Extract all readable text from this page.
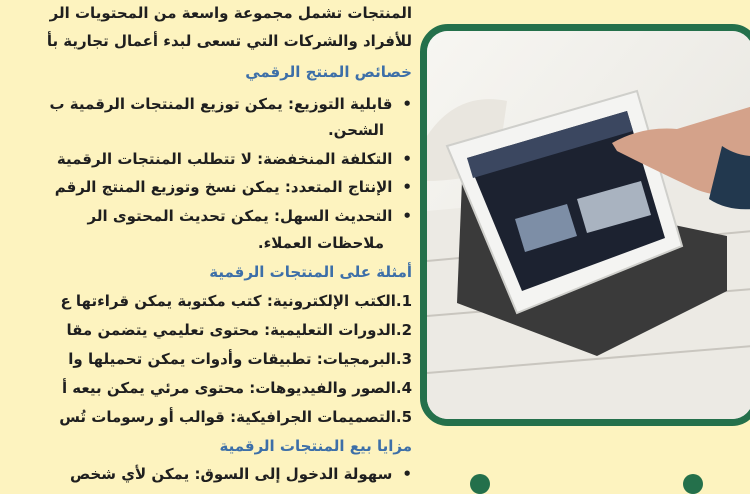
المنتجات تشمل مجموعة واسعة من المحتويات الر
للأفراد والشركات التي تسعى لبدء أعمال تجارية بأ
خصائص المنتج الرقمي
• قابلية التوزيع: يمكن توزيع المنتجات الرقمية ب
الشحن.
• التكلفة المنخفضة: لا تتطلب المنتجات الرقمية
• الإنتاج المتعدد: يمكن نسخ وتوزيع المنتج الرقم
• التحديث السهل: يمكن تحديث المحتوى الر
ملاحظات العملاء.
أمثلة على المنتجات الرقمية
1.الكتب الإلكترونية: كتب مكتوبة يمكن قراءتها ع
2.الدورات التعليمية: محتوى تعليمي يتضمن مقا
3.البرمجيات: تطبيقات وأدوات يمكن تحميلها وا
4.الصور والفيديوهات: محتوى مرئي يمكن بيعه أ
5.التصميمات الجرافيكية: قوالب أو رسومات تُس
مزايا بيع المنتجات الرقمية
• سهولة الدخول إلى السوق: يمكن لأي شخص
